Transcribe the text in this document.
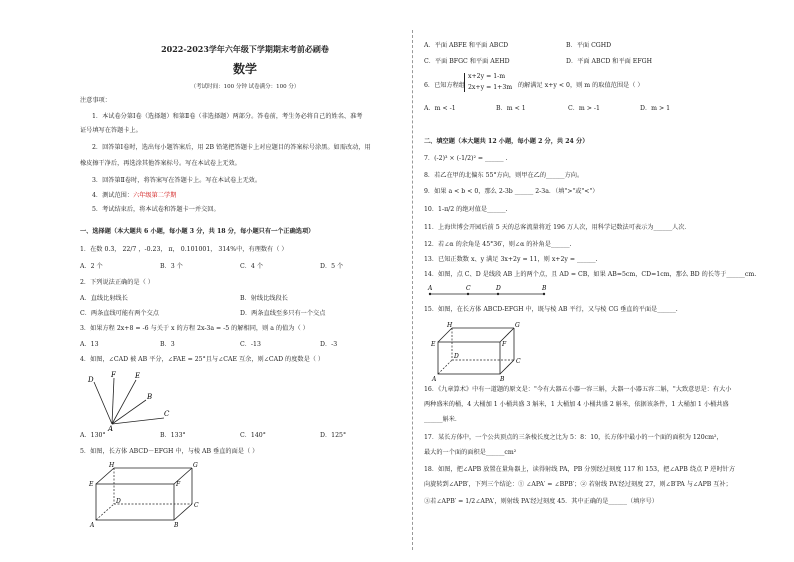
2022-2023学年六年级下学期期末考前必刷卷
数学
（考试时间：100 分钟 试卷满分：100 分）
注意事项：
1．本试卷分第Ⅰ卷（选择题）和第Ⅱ卷（非选择题）两部分。答卷前，考生务必将自己的姓名、准考
证号填写在答题卡上。
2．回答第Ⅰ卷时，选出每小题答案后，用 2B 铅笔把答题卡上对应题目的答案标号涂黑。如需改动，用
橡皮擦干净后，再选涂其他答案标号。写在本试卷上无效。
3．回答第Ⅱ卷时，将答案写在答题卡上。写在本试卷上无效。
4．测试范围：六年级第二学期
5．考试结束后，将本试卷和答题卡一并交回。
一、选择题（本大题共 6 小题，每小题 3 分，共 18 分，每小题只有一个正确选项）
1．在数 0.3̇， 22/7 ，-0.23， π， 0.101001， 314%中，有理数有（ ）
A．2 个	B．3 个	C．4 个	D．5 个
2．下列说法正确的是（ ）
A．直线比射线长	B．射线比线段长
C．两条直线可能有两个交点	D．两条直线至多只有一个交点
3．如果方程 2x+8 = -6 与关于 x 的方程 2x-3a = -5 的解相同，则 a 的值为（ ）
A．13	B．3	C．-13	D．-3
4．如图，∠CAD 被 AB 平分，∠FAE = 25°且与∠CAE 互余，则∠CAD 的度数是（ ）
D
F	E
B
C
A
A．130°	B．133°	C．140°	D．125°
5．如图，长方体 ABCD－EFGH 中，与棱 AB 垂直的面是（ ）
H	G
E	F
D
C
A	B
A．平面 ABFE 和平面 ABCD	B．平面 CGHD
C．平面 BFGC 和平面 AEHD	D．平面 ABCD 和平面 EFGH
6．已知方程组
x+2y = 1-m
2x+y = 1+3m 的解满足 x+y < 0，则 m 的取值范围是（ ）
A．m < -1	B．m < 1	C．m > -1	D．m > 1
二、填空题（本大题共 12 小题，每小题 2 分，共 24 分）
7．(-2)³ × (-1/2)² = ______ .
8．若乙在甲的北偏东 55°方向，则甲在乙的______方向。
9．如果 a < b < 0，那么 2-3b ______ 2-3a．（填">"或"<"）
10．1-π/2 的绝对值是______.
11．上海世博会开园后前 5 天的总客流量将近 196 万人次，用科学记数法可表示为______人次．
12．若∠α 的余角是 45°36′，则∠α 的补角是______.
13．已知正数数 x、y 满足 3x+2y = 11，则 x+2y = ______.
14．如图，点 C、D 是线段 AB 上的两个点，且 AD = CB，如果 AB=5cm，CD=1cm，那么 BD 的长等于______cm.
A	C	D	B
15．如图，在长方体 ABCD-EFGH 中，既与棱 AB 平行，又与棱 CG 垂直的平面是______.
H	G
D
C
E	F
A	B
16．《九章算术》中有一道题的原文是："今有大器五小器一容三斛，大器一小器五容二斛，"大致意思是：有大小
两种盛米的桶，4 大桶加 1 小桶共盛 3 斛米，1 大桶加 4 小桶共盛 2 斛米，依据该条件，1 大桶加 1 小桶共盛
______斛米．
17．某长方体中，一个公共顶点的三条棱长度之比为 5：8：10，长方体中最小的一个面的面积为 120cm²，
最大的一个面的面积是______cm²
18．如图，把∠APB 放置在量角器上，读得射线 PA，PB 分别经过刻度 117 和 153，把∠APB 绕点 P 逆时针方
向旋转到∠APB′，下列三个结论：① ∠APA′ = ∠BPB′；② 若射线 PA′经过刻度 27，则∠B′PA 与∠APB 互补；
③若∠APB′ = 1/2∠APA′，则射线 PA′经过刻度 45．其中正确的是______（填序号）
